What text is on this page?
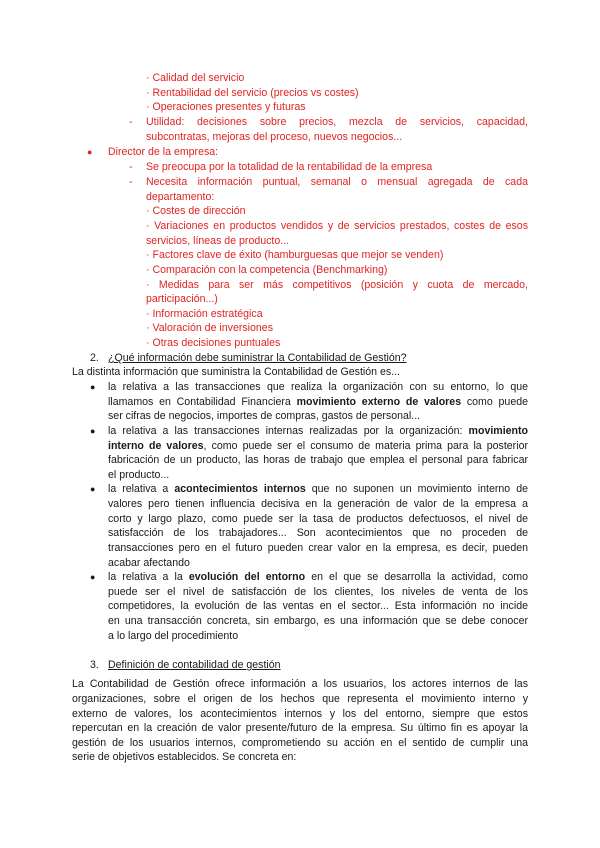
· Calidad del servicio
· Rentabilidad del servicio (precios vs costes)
· Operaciones presentes y futuras
- Utilidad: decisiones sobre precios, mezcla de servicios, capacidad,
subcontratas, mejoras del proceso, nuevos negocios...
● Director de la empresa:
- Se preocupa por la totalidad de la rentabilidad de la empresa
- Necesita información puntual, semanal o mensual agregada de cada
departamento:
· Costes de dirección
· Variaciones en productos vendidos y de servicios prestados, costes de esos
servicios, líneas de producto...
· Factores clave de éxito (hamburguesas que mejor se venden)
· Comparación con la competencia (Benchmarking)
· Medidas para ser más competitivos (posición y cuota de mercado,
participación...)
· Información estratégica
· Valoración de inversiones
· Otras decisiones puntuales
2. ¿Qué información debe suministrar la Contabilidad de Gestión?
La distinta información que suministra la Contabilidad de Gestión es...
● la relativa a las transacciones que realiza la organización con su entorno, lo que
llamamos en Contabilidad Financiera movimiento externo de valores como puede
ser cifras de negocios, importes de compras, gastos de personal...
● la relativa a las transacciones internas realizadas por la organización: movimiento
interno de valores, como puede ser el consumo de materia prima para la posterior
fabricación de un producto, las horas de trabajo que emplea el personal para fabricar
el producto...
● la relativa a acontecimientos internos que no suponen un movimiento interno de
valores pero tienen influencia decisiva en la generación de valor de la empresa a
corto y largo plazo, como puede ser la tasa de productos defectuosos, el nivel de
satisfacción de los trabajadores... Son acontecimientos que no proceden de
transacciones pero en el futuro pueden crear valor en la empresa, es decir, pueden
acabar afectando
● la relativa a la evolución del entorno en el que se desarrolla la actividad, como
puede ser el nivel de satisfacción de los clientes, los niveles de venta de los
competidores, la evolución de las ventas en el sector... Esta información no incide
en una transacción concreta, sin embargo, es una información que se debe conocer
a lo largo del procedimiento
3. Definición de contabilidad de gestión
La Contabilidad de Gestión ofrece información a los usuarios, los actores internos de las
organizaciones, sobre el origen de los hechos que representa el movimiento interno y
externo de valores, los acontecimientos internos y los del entorno, siempre que estos
repercutan en la creación de valor presente/futuro de la empresa. Su último fin es apoyar la
gestión de los usuarios internos, comprometiendo su acción en el sentido de cumplir una
serie de objetivos establecidos. Se concreta en:
